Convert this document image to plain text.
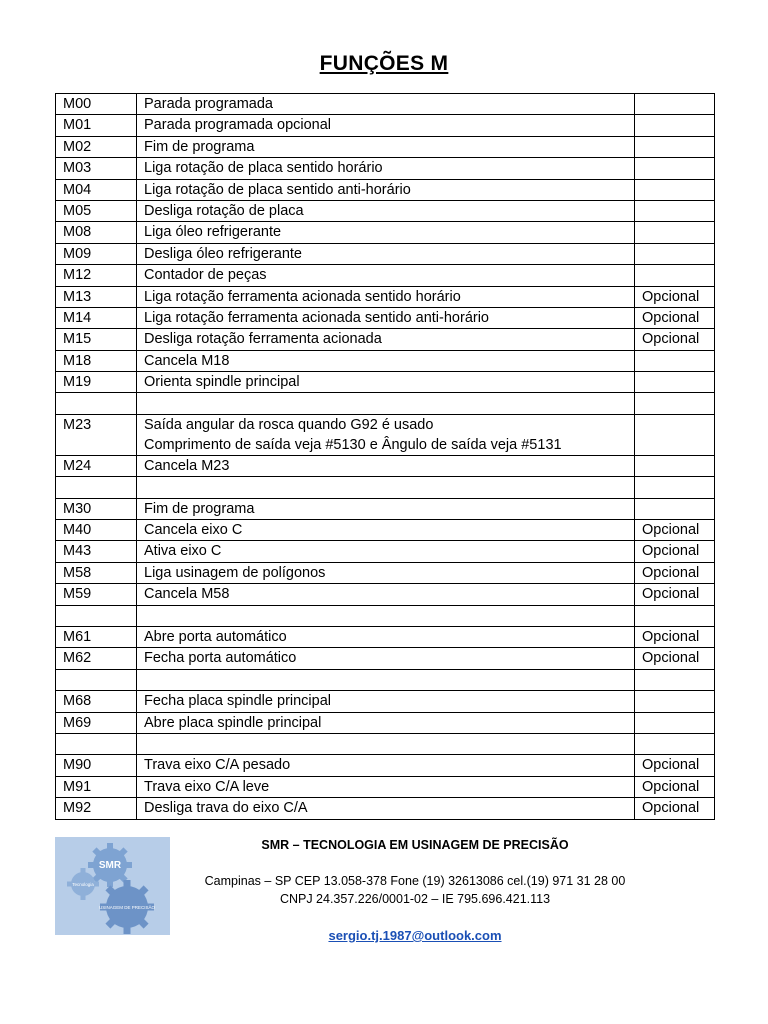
FUNÇÕES M
M00	Parada programada	
M01	Parada programada opcional	
M02	Fim de programa	
M03	Liga rotação de placa sentido horário	
M04	Liga rotação de placa sentido anti-horário	
M05	Desliga rotação de placa	
M08	Liga óleo refrigerante	
M09	Desliga óleo refrigerante	
M12	Contador de peças	
M13	Liga rotação ferramenta acionada sentido horário	Opcional
M14	Liga rotação ferramenta acionada sentido anti-horário	Opcional
M15	Desliga rotação ferramenta acionada	Opcional
M18	Cancela M18	
M19	Orienta spindle principal	

M23	Saída angular da rosca quando G92 é usado
Comprimento de saída veja #5130 e Ângulo de saída veja #5131	
M24	Cancela M23	

M30	Fim de programa	
M40	Cancela eixo C	Opcional
M43	Ativa eixo C	Opcional
M58	Liga usinagem de polígonos	Opcional
M59	Cancela M58	Opcional

M61	Abre porta automático	Opcional
M62	Fecha porta automático	Opcional

M68	Fecha placa spindle principal	
M69	Abre placa spindle principal	

M90	Trava eixo C/A pesado	Opcional
M91	Trava eixo C/A leve	Opcional
M92	Desliga trava do eixo C/A	Opcional
SMR
Tecnologia
USINAGEM DE PRECISÃO
SMR – TECNOLOGIA EM USINAGEM DE PRECISÃO
Campinas – SP CEP 13.058-378 Fone (19) 32613086 cel.(19) 971 31 28 00
CNPJ 24.357.226/0001-02 – IE 795.696.421.113
sergio.tj.1987@outlook.com
